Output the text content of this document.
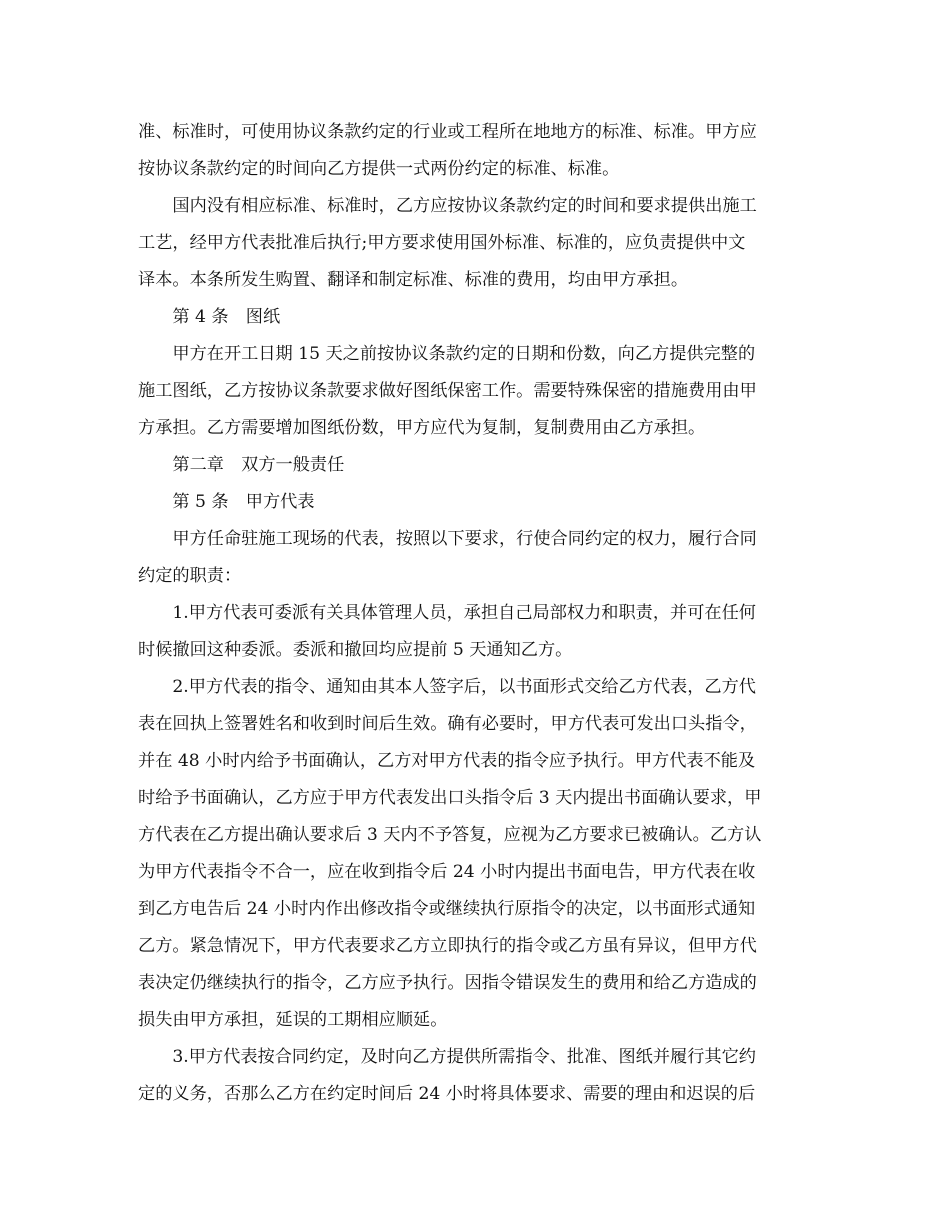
准、标准时，可使用协议条款约定的行业或工程所在地地方的标准、标准。甲方应
按协议条款约定的时间向乙方提供一式两份约定的标准、标准。
　　国内没有相应标准、标准时，乙方应按协议条款约定的时间和要求提供出施工
工艺，经甲方代表批准后执行;甲方要求使用国外标准、标准的，应负责提供中文
译本。本条所发生购置、翻译和制定标准、标准的费用，均由甲方承担。
　　第 4 条　图纸
　　甲方在开工日期 15 天之前按协议条款约定的日期和份数，向乙方提供完整的
施工图纸，乙方按协议条款要求做好图纸保密工作。需要特殊保密的措施费用由甲
方承担。乙方需要增加图纸份数，甲方应代为复制，复制费用由乙方承担。
　　第二章　双方一般责任
　　第 5 条　甲方代表
　　甲方任命驻施工现场的代表，按照以下要求，行使合同约定的权力，履行合同
约定的职责：
　　1.甲方代表可委派有关具体管理人员，承担自己局部权力和职责，并可在任何
时候撤回这种委派。委派和撤回均应提前 5 天通知乙方。
　　2.甲方代表的指令、通知由其本人签字后，以书面形式交给乙方代表，乙方代
表在回执上签署姓名和收到时间后生效。确有必要时，甲方代表可发出口头指令，
并在 48 小时内给予书面确认，乙方对甲方代表的指令应予执行。甲方代表不能及
时给予书面确认，乙方应于甲方代表发出口头指令后 3 天内提出书面确认要求，甲
方代表在乙方提出确认要求后 3 天内不予答复，应视为乙方要求已被确认。乙方认
为甲方代表指令不合一，应在收到指令后 24 小时内提出书面电告，甲方代表在收
到乙方电告后 24 小时内作出修改指令或继续执行原指令的决定，以书面形式通知
乙方。紧急情况下，甲方代表要求乙方立即执行的指令或乙方虽有异议，但甲方代
表决定仍继续执行的指令，乙方应予执行。因指令错误发生的费用和给乙方造成的
损失由甲方承担，延误的工期相应顺延。
　　3.甲方代表按合同约定，及时向乙方提供所需指令、批准、图纸并履行其它约
定的义务，否那么乙方在约定时间后 24 小时将具体要求、需要的理由和迟误的后
